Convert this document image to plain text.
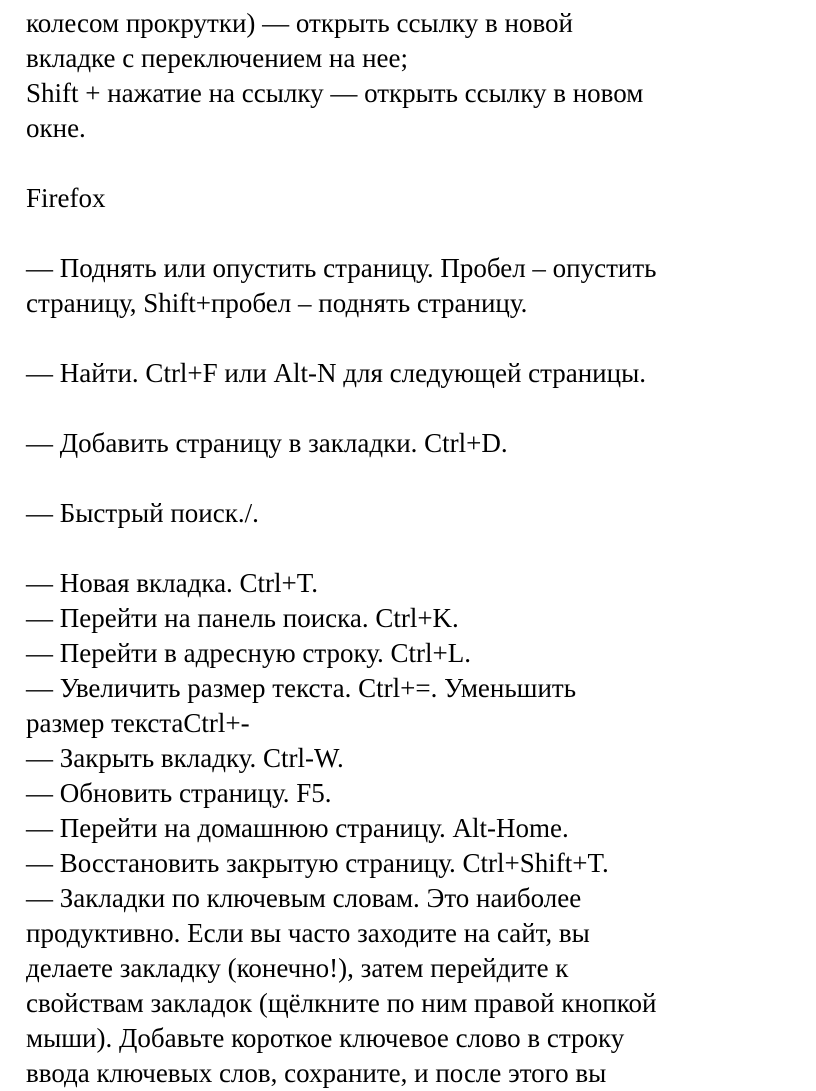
колесом прокрутки) — открыть ссылку в новой
вкладке с переключением на нее;
Shift + нажатие на ссылку — открыть ссылку в новом
окне.
Firefox
— Поднять или опустить страницу. Пробел – опустить
страницу, Shift+пробел – поднять страницу.
— Найти. Ctrl+F или Alt-N для следующей страницы.
— Добавить страницу в закладки. Ctrl+D.
— Быстрый поиск./.
— Новая вкладка. Ctrl+T.
— Перейти на панель поиска. Ctrl+K.
— Перейти в адресную строку. Ctrl+L.
— Увеличить размер текста. Ctrl+=. Уменьшить
размер текстаCtrl+-
— Закрыть вкладку. Ctrl-W.
— Обновить страницу. F5.
— Перейти на домашнюю страницу. Alt-Home.
— Восстановить закрытую страницу. Ctrl+Shift+T.
— Закладки по ключевым словам. Это наиболее
продуктивно. Если вы часто заходите на сайт, вы
делаете закладку (конечно!), затем перейдите к
свойствам закладок (щёлкните по ним правой кнопкой
мыши). Добавьте короткое ключевое слово в строку
ввода ключевых слов, сохраните, и после этого вы
